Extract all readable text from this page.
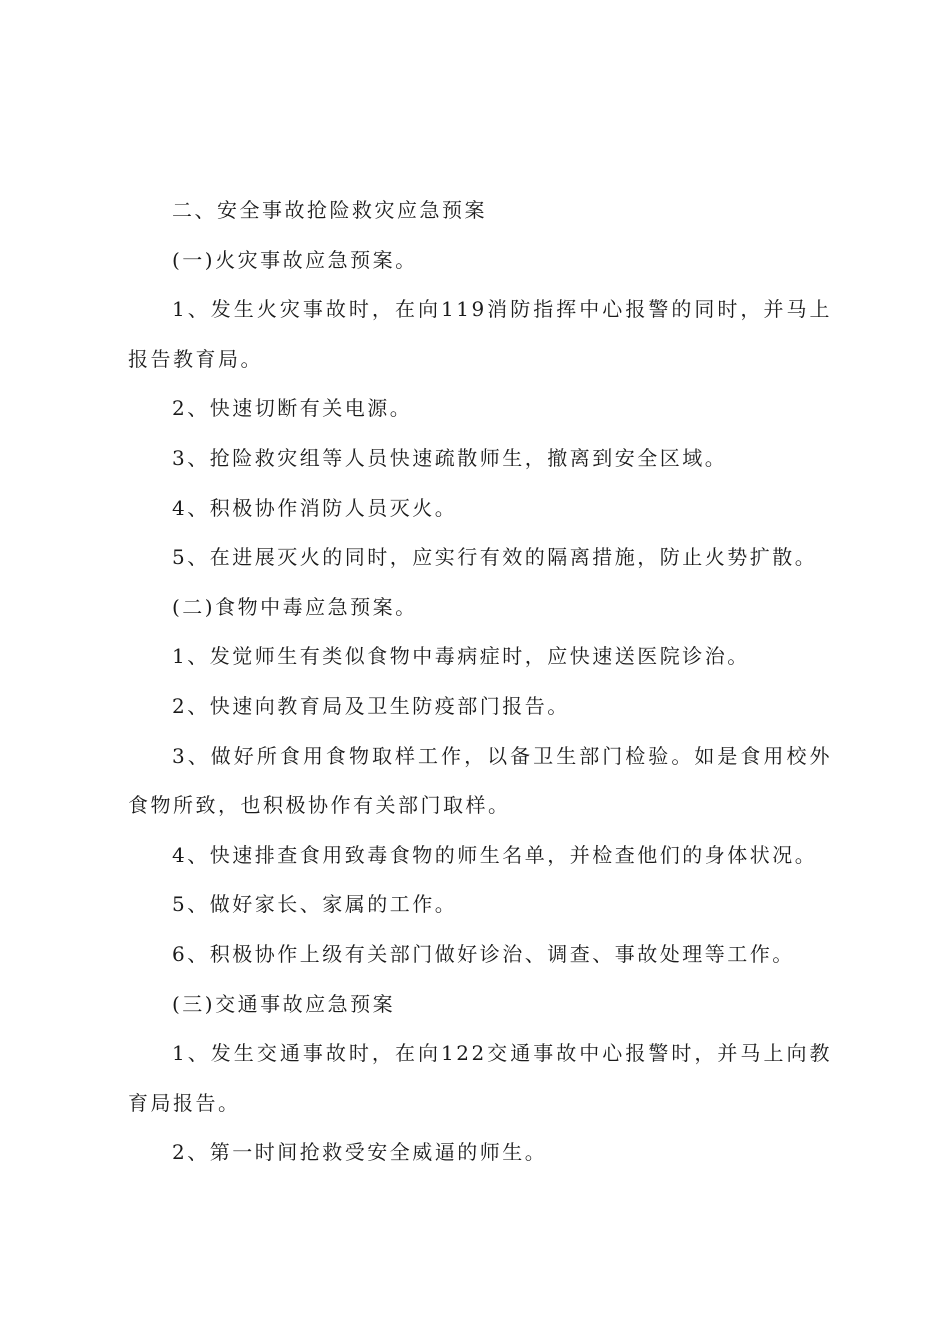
二、安全事故抢险救灾应急预案

(一)火灾事故应急预案。

1、发生火灾事故时，在向119消防指挥中心报警的同时，并马上报告教育局。

2、快速切断有关电源。

3、抢险救灾组等人员快速疏散师生，撤离到安全区域。

4、积极协作消防人员灭火。

5、在进展灭火的同时，应实行有效的隔离措施，防止火势扩散。

(二)食物中毒应急预案。

1、发觉师生有类似食物中毒病症时，应快速送医院诊治。

2、快速向教育局及卫生防疫部门报告。

3、做好所食用食物取样工作，以备卫生部门检验。如是食用校外食物所致，也积极协作有关部门取样。

4、快速排查食用致毒食物的师生名单，并检查他们的身体状况。

5、做好家长、家属的工作。

6、积极协作上级有关部门做好诊治、调查、事故处理等工作。

(三)交通事故应急预案

1、发生交通事故时，在向122交通事故中心报警时，并马上向教育局报告。

2、第一时间抢救受安全威逼的师生。
